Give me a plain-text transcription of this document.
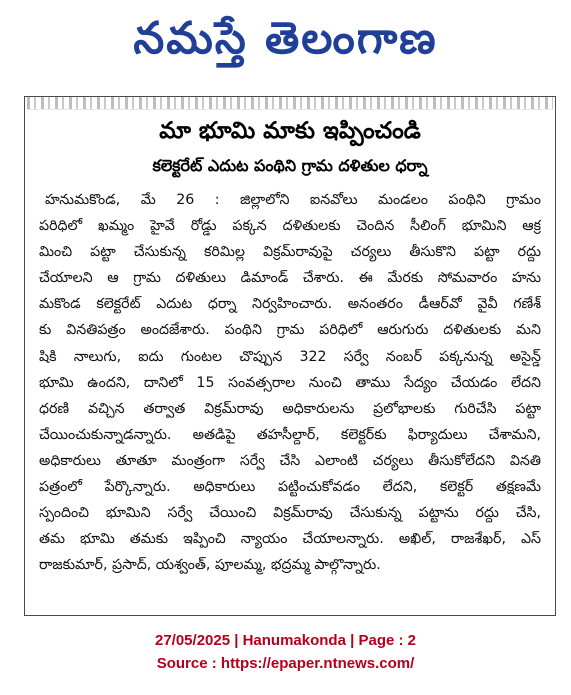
నమస్తే తెలంగాణ
మా భూమి మాకు ఇప్పించండి
కలెక్టరేట్ ఎదుట పంథిని గ్రామ దళితుల ధర్నా
హనుమకొండ, మే 26 : జిల్లాలోని ఐనవోలు మండలం పంథిని గ్రామం
పరిధిలో ఖమ్మం హైవే రోడ్డు పక్కన దళితులకు చెందిన సీలింగ్ భూమిని ఆక్ర
మించి పట్టా చేసుకున్న కరిమిల్ల విక్రమ్‌రావుపై చర్యలు తీసుకొని పట్టా రద్దు
చేయాలని ఆ గ్రామ దళితులు డిమాండ్ చేశారు. ఈ మేరకు సోమవారం హను
మకొండ కలెక్టరేట్ ఎదుట ధర్నా నిర్వహించారు. అనంతరం డీఆర్‌వో వైవీ గణేశ్
కు వినతిపత్రం అందజేశారు. పంథిని గ్రామ పరిధిలో ఆరుగురు దళితులకు మని
షికి నాలుగు, ఐదు గుంటల చొప్పున 322 సర్వే నంబర్ పక్కనున్న అసైన్డ్
భూమి ఉందని, దానిలో 15 సంవత్సరాల నుంచి తాము సేద్యం చేయడం లేదని
ధరణి వచ్చిన తర్వాత విక్రమ్‌రావు అధికారులను ప్రలోభాలకు గురిచేసి పట్టా
చేయించుకున్నాడన్నారు. అతడిపై తహసీల్దార్, కలెక్టర్‌కు ఫిర్యాదులు చేశామని,
అధికారులు తూతూ మంత్రంగా సర్వే చేసి ఎలాంటి చర్యలు తీసుకోలేదని వినతి
పత్రంలో పేర్కొన్నారు. అధికారులు పట్టించుకోవడం లేదని, కలెక్టర్ తక్షణమే
స్పందించి భూమిని సర్వే చేయించి విక్రమ్‌రావు చేసుకున్న పట్టాను రద్దు చేసి,
తమ భూమి తమకు ఇప్పించి న్యాయం చేయాలన్నారు. అఖిల్, రాజశేఖర్, ఎస్
రాజకుమార్, ప్రసాద్, యశ్వంత్, పూలమ్మ, భద్రమ్మ పాల్గొన్నారు.
27/05/2025 | Hanumakonda | Page : 2
Source : https://epaper.ntnews.com/
